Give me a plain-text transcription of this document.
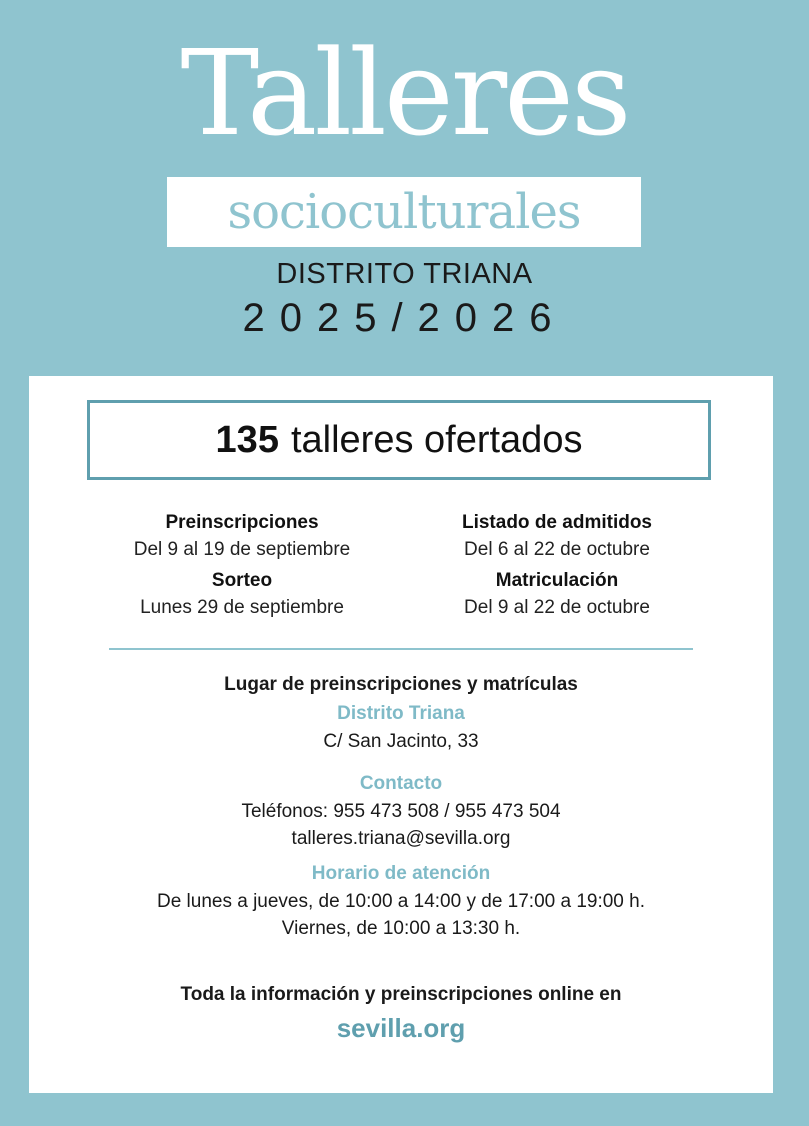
Talleres
socioculturales
DISTRITO TRIANA
2025/2026
135 talleres ofertados
Preinscripciones
Del 9 al 19 de septiembre
Sorteo
Lunes 29 de septiembre
Listado de admitidos
Del 6 al 22 de octubre
Matriculación
Del 9 al 22 de octubre
Lugar de preinscripciones y matrículas
Distrito Triana
C/ San Jacinto, 33
Contacto
Teléfonos: 955 473 508 / 955 473 504
talleres.triana@sevilla.org
Horario de atención
De lunes a jueves, de 10:00 a 14:00 y de 17:00 a 19:00 h.
Viernes, de 10:00 a 13:30 h.
Toda la información y preinscripciones online en
sevilla.org
